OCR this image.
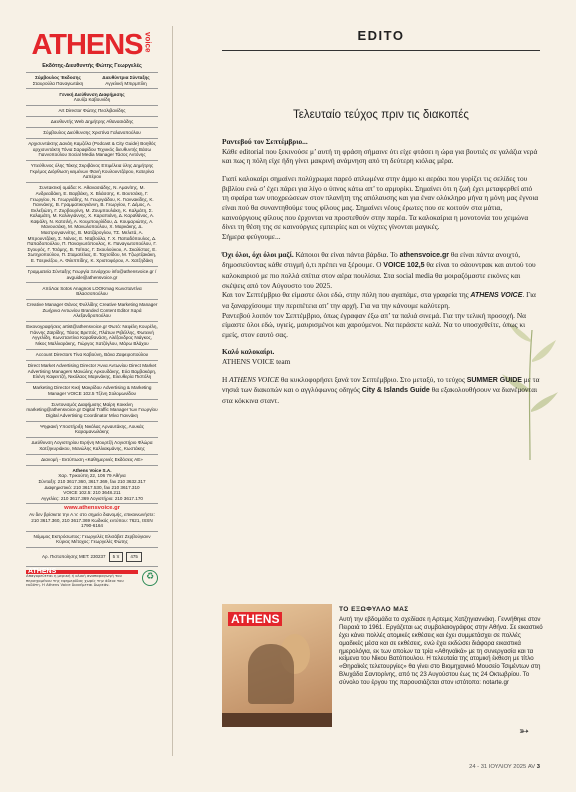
ATHENS voice
Εκδότης-Διευθυντής Φώτης Γεωργελές
Σύμβουλος Έκδοσης
Σταυρούλα Παναγιωτάκη
Διευθύντρια Σύνταξης
Αγγελική Μπιρμπίλη
Γενική Διεύθυνση Διαφήμισης
Λουίζα Καβουνίδη
Art Director Φώτης Πεσλιβανίδης
Διευθυντής Web Δημήτρης Αθανασιάδης
Σύμβουλος Διεύθυνσης Χριστίνα Γαλανοπούλου
Αρχισυντάκτης Δανάη Καμζέλα (Podcast & City Guide) Βοηθός αρχισυντάκτη Τόνια Σαραφίδου Τεχνικός διευθυντής Βάσω Γιαννοπούλου Social Media Manager Τάσος Αντόνης
Υπεύθυνος ύλης Τάκης Σκριβάνος Επιμέλεια ύλης Δημήτρης Γκρέμος Διόρθωση κειμένων Φανή Κουλουντζάρου, Κατερίνα Λαπέρου
Συντακτική ομάδα: Κ. Αθανασιάδης, Ν. Αμανίτης, Μ. Ανδρεαδάκη, Ε. Βαρβάκη, Χ. Βλάσσης, Κ. Βουτσάκη, Γ. Γεωργίου, Ν. Γεωργιάδης, Ν. Γεωργιάδου, Κ. Γιαννακίδης, Κ. Γιαννάκης, Β. Γραμματικογιάννη, Β. Γεωργίου, Γ. Δέμος, Α. Εκλεξιώτη, Γ. Ζυρβουρίνη, Μ. Ζουμπουλάκη, Κ. Καλμάτη, Σ. Καλαμάτη, Μ. Καλλιγιάννης, Χ. Καραπιάνη, Δ. Καραθάνος, Α. Καψάλη, Ν. Κατσιλή, Α. Κουμπουρλίδου, Δ. Κουμαριώτης, Α. Μανουσάκη, Μ. Μανωλοπούλου, Χ. Μαρκάκης, Δ. Μαστρογιαννίτης, Β. Ματζάρογλου, ΤΣ. Μελετά, Α. Μπρουντζάκη, Σ. Νάνος, Ε. Νταβούλα, Γ. Χ. Παπαδόπουλος, Δ. Παπαδοπούλου, Π. Παναγιωτόπουλος, Κ. Παναγιωτοπούλου, Γ. Σγουρός, Γ. Τσάμης, Β. Τσίπας, Γ. Σκουλούκου, Λ. Σκαλίστας, Ε. Σωτηροπούλου, Π. Σταματέλας, Ε. Ταχτσίδου, Μ. Τζωρτζακάκη, Ε. Τσερκέζου, Α. Φιλιππίδης, Κ. Χριστοφόρου, Λ. Χατζηδάκη
Γραμματεία Σύνταξης Γεωργία Ξενάρχου info@athensvoice.gr / avguide@athensvoice.gr
ΑπόΛαε Sotos Anagnos LOOKmag Κωνσταντίνα Βλασσοπούλου
Creative Manager Θάνος Φυλλίδης Creative Marketing Manager Ζωήρινα Αντωνίου Branded Content Editor Χαρά Αλεξανδροπούλου
Εικονογραφήσεις artist@athensvoice.gr Φωτό: Νεφέλη Κουρέλη, Γιάννης Ζαϊρίδης, Τάσος Βρεττός, Πλάτων Ριβέλλης, Φωτεινή Αγγελίδη, Κωνσταντίνα Καραθανάση, Αλέξανδρος Νιάγκος, Νίκος Μαλλιαράκης, Γιώργος Χατζόγλου, Μάρω Βλάχου
Account Directors Τίνα Καβούνη, Βάνα Ζαφειροπούλου
Direct Market Advertising Director Άννα Αντωνίου Direct Market Advertising Managers Μανώλης Αρκουδάκης, Εύα Βαμβακάρη, Ελένη Καφεντζή, Νικόλαος Μαρινάκης, Ελευθερία Πιστόλη
Marketing Director Κική Μακρίδου Advertising & Marketing Manager VOICE 102.5 Τζένη Σολομωνίδου
Συντονισμός Διαφήμισης Μαίρη Κοκκίνη marketing@athensvoice.gr Digital Traffic Manager Ίων Γεωργίου Digital Advertising Coordinator Μίνα Γιαννάκη
Ψηφιακή Υποστήριξη Νικόλας Αρναυτάκης, Λουκάς Καραμανωλάκης
Διεύθυνση Λογιστηρίου Ειρήνη Μουρτζή Λογιστήριο Φλώρα Χατζηκυριάκου, Μανώλης Καλλιακμάνης, Κωστάκης
Διανομή - Εκτύπωση «Καθημερινές Εκδόσεις ΑΕ»
Athens Voice S.A.
Χαρ. Τρικούπη 22, 106 79 Αθήνα
Σύνταξη: 210 3617.360, 3617.369, fax 210 3632.317
Διαφημιστικό: 210 3617.530, fax 210 3617.310
VOICE 102.5: 210 3648.211
Αγγελίες: 210 3617.369 Λογιστήριο: 210 3617.170
www.athensvoice.gr
Αν δεν βρίσκετε την Α.V. στο σημείο διανομής, επικοινωνήστε: 210 3617.360, 210 3617.369 Κωδικός εντύπου: 7621, ISSN 1790-6164
Νόμιμος Εκπρόσωπος: Γεωργελές Ελισάβετ Ζερβούγιανν Κύριος Μέτοχος: Γεωργελές Φώτης
Αρ. Πιστοποίησης ΜΕΤ: 230237	5 π	475
ATHENS
Απαγορεύεται η μερική ή ολική αναπαραγωγή του περιεχομένου της εφημερίδας χωρίς την άδεια του εκδότη. Η Athens Voice διανέμεται δωρεάν.
♻
EDITO
Τελευταίο τεύχος πριν τις διακοπές

Ραντεβού τον Σεπτέμβριο...
Κάθε editorial που ξεκινούσε μ’ αυτή τη φράση σήμαινε ότι είχε φτάσει η ώρα για βουτιές σε γαλάζια νερά και πως η πόλη είχε ήδη γίνει μακρινή ανάμνηση από τη δεύτερη κιόλας μέρα.

Γιατί καλοκαίρι σημαίνει πολύχρωμα παρεό απλωμένα στην άμμο κι αεράκι που γυρίζει τις σελίδες του βιβλίου ενώ σ’ έχει πάρει για λίγο ο ύπνος κάτω απ’ το αρμυρίκι. Σημαίνει ότι η ζωή έχει μεταφερθεί από τη σφαίρα των υποχρεώσεων στον πλανήτη της απόλαυσης και για έναν ολόκληρο μήνα η μόνη μας έγνοια είναι πού θα συναντηθούμε τους φίλους μας. Σημαίνει νέους έρωτες που σε κοιτούν στα μάτια, καινούργιους φίλους που έρχονται να προστεθούν στην παρέα. Τα καλοκαίρια η μονοτονία του χειμώνα δίνει τη θέση της σε καινούργιες εμπειρίες και οι νύχτες γίνονται μαγικές.
Σήμερα φεύγουμε...

Όχι όλοι, όχι όλοι μαζί. Κάποιοι θα είναι πάντα βάρδια. Το athensvoice.gr θα είναι πάντα ανοιχτό, δημοσιεύοντας κάθε στιγμή ό,τι πρέπει να ξέρουμε. Ο VOICE 102,5 θα είναι το σάουντρακ και αυτού του καλοκαιριού με πιο πολλά σπίτια στον αέρα πουλίσια. Στα social media θα μοιραζόμαστε εικόνες και σκέψεις από τον Αύγουστο του 2025.
Και τον Σεπτέμβριο θα είμαστε όλοι εδώ, στην πόλη που αγαπάμε, στα γραφεία της ATHENS VOICE. Για να ξαναρχίσουμε την περιπέτεια απ’ την αρχή. Για να την κάνουμε καλύτερη.
Ραντεβού λοιπόν τον Σεπτέμβριο, όπως έγραφαν έξω απ’ τα παλιά σινεμά. Για την τελική προσοχή. Να είμαστε όλοι εδώ, υγιείς, μαυρισμένοι και χαρούμενοι. Να περάσετε καλά. Να το υποσχεθείτε, όπως κι εμείς, στον εαυτό σας.

Καλό καλοκαίρι.
ATHENS VOICE team

Η ATHENS VOICE θα κυκλοφορήσει ξανά τον Σεπτέμβριο. Στο μεταξύ, το τεύχος SUMMER GUIDE με τα νησιά των διακοπών και ο αγγλόφωνος οδηγός City & Islands Guide θα εξακολουθήσουν να διανέμονται στα κόκκινα σταντ.

ATHENS
ΤΟ ΕΞΩΦΥΛΛΟ ΜΑΣ
Αυτή την εβδομάδα το σχεδίασε η Αρτεμις Χατζηγιαννάκη. Γεννήθηκε στον Πειραιά το 1961. Εργάζεται ως συμβολαιογράφος στην Αθήνα. Σε εικαστικό έχει κάνει πολλές ατομικές εκθέσεις και έχει συμμετάσχει σε πολλές ομαδικές μέσα και σε εκθέσεις, ενώ έχει εκδώσει διάφορα εικαστικά ημερολόγια, εκ των οποίων τα τρία «Αθηναϊκά» με τη συνεργασία και τα κείμενα του Νίκου Βατόπουλου. Η τελευταία της ατομική έκθεση με τίτλο «Θηραϊκές τελετουργίες» θα γίνει στο Βιομηχανικό Μουσείο Τσιμέντων στη Βλυχάδα Σαντορίνης, από τις 23 Αυγούστου έως τις 24 Οκτωβρίου. Το σύνολο του έργου της παρουσιάζεται στον ιστότοπο: notarte.gr
➳
24 - 31 ΙΟΥΛΙΟΥ 2025 AV 3
